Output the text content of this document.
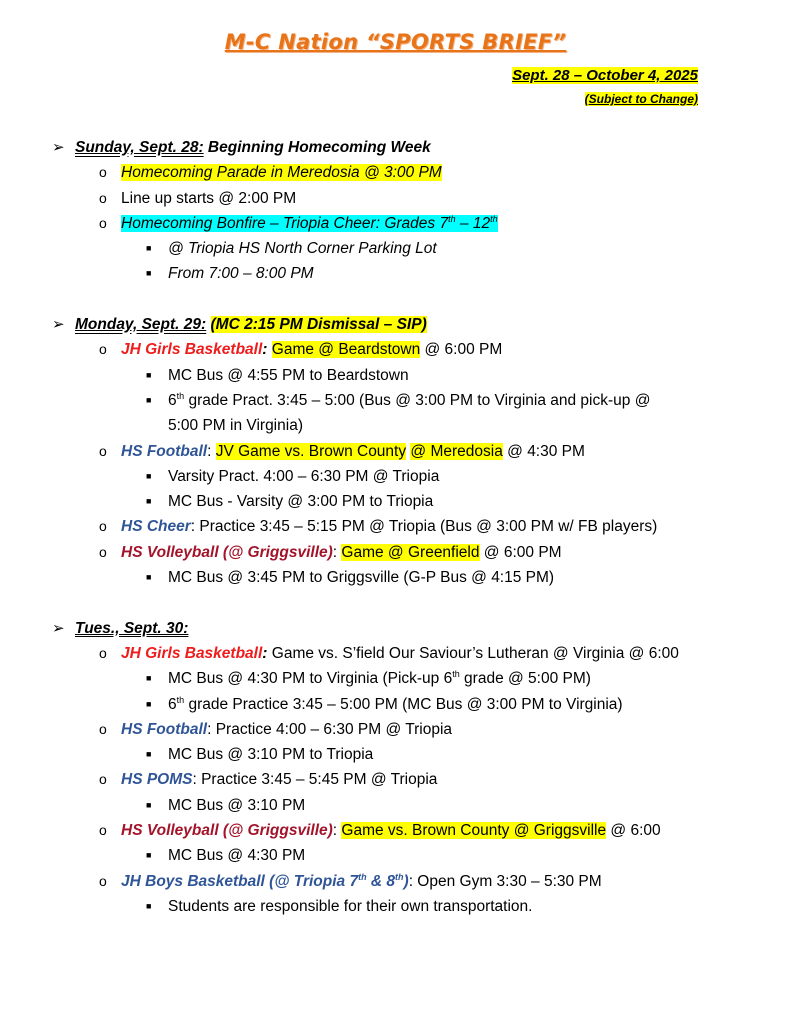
M-C Nation “SPORTS BRIEF”
Sept. 28 – October 4, 2025
(Subject to Change)
➢ Sunday, Sept. 28: Beginning Homecoming Week
o Homecoming Parade in Meredosia @ 3:00 PM
o Line up starts @ 2:00 PM
o Homecoming Bonfire – Triopia Cheer: Grades 7th – 12th
■ @ Triopia HS North Corner Parking Lot
■ From 7:00 – 8:00 PM
➢ Monday, Sept. 29: (MC 2:15 PM Dismissal – SIP)
o JH Girls Basketball: Game @ Beardstown @ 6:00 PM
■ MC Bus @ 4:55 PM to Beardstown
■ 6th grade Pract. 3:45 – 5:00 (Bus @ 3:00 PM to Virginia and pick-up @
5:00 PM in Virginia)
o HS Football: JV Game vs. Brown County @ Meredosia @ 4:30 PM
■ Varsity Pract. 4:00 – 6:30 PM @ Triopia
■ MC Bus - Varsity @ 3:00 PM to Triopia
o HS Cheer: Practice 3:45 – 5:15 PM @ Triopia (Bus @ 3:00 PM w/ FB players)
o HS Volleyball (@ Griggsville): Game @ Greenfield @ 6:00 PM
■ MC Bus @ 3:45 PM to Griggsville (G-P Bus @ 4:15 PM)
➢ Tues., Sept. 30:
o JH Girls Basketball: Game vs. S’field Our Saviour’s Lutheran @ Virginia @ 6:00
■ MC Bus @ 4:30 PM to Virginia (Pick-up 6th grade @ 5:00 PM)
■ 6th grade Practice 3:45 – 5:00 PM (MC Bus @ 3:00 PM to Virginia)
o HS Football: Practice 4:00 – 6:30 PM @ Triopia
■ MC Bus @ 3:10 PM to Triopia
o HS POMS: Practice 3:45 – 5:45 PM @ Triopia
■ MC Bus @ 3:10 PM
o HS Volleyball (@ Griggsville): Game vs. Brown County @ Griggsville @ 6:00
■ MC Bus @ 4:30 PM
o JH Boys Basketball (@ Triopia 7th & 8th): Open Gym 3:30 – 5:30 PM
■ Students are responsible for their own transportation.
